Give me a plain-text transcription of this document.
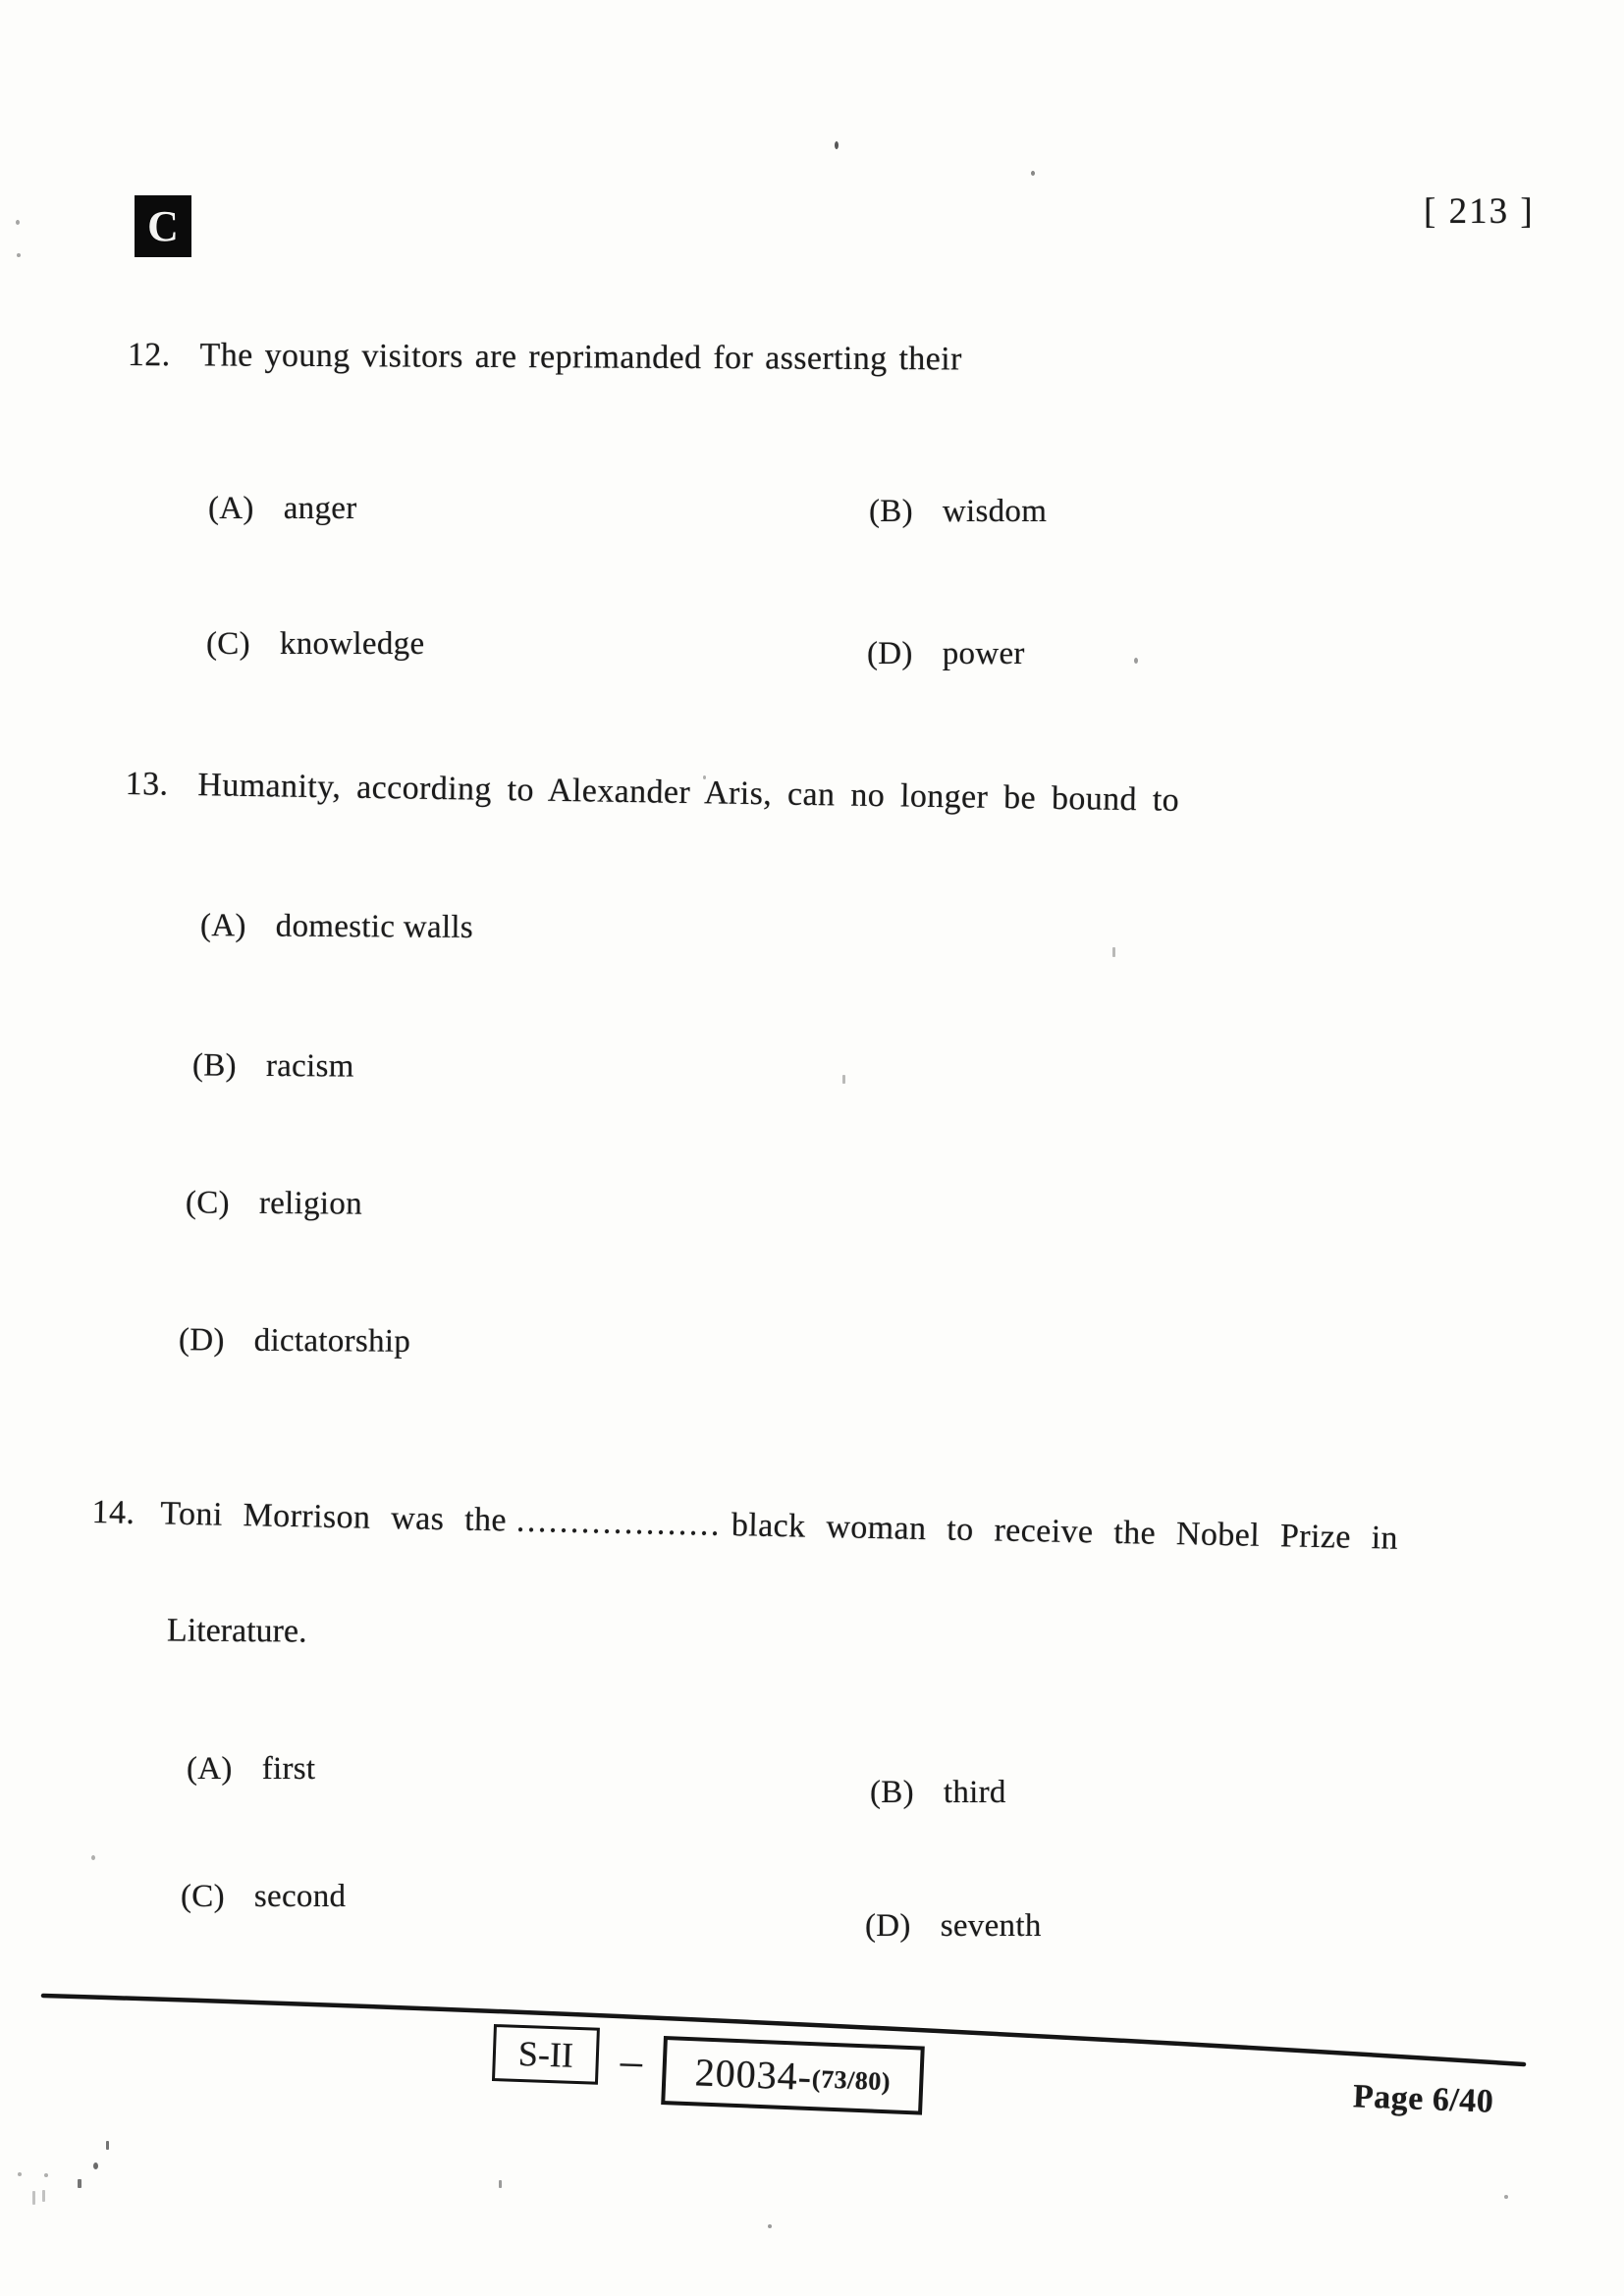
C	[ 213 ]
12. The young visitors are reprimanded for asserting their
(A) anger	(B) wisdom
(C) knowledge	(D) power
13. Humanity, according to Alexander Aris, can no longer be bound to
(A) domestic walls
(B) racism
(C) religion
(D) dictatorship
14. Toni Morrison was the ................... black woman to receive the Nobel Prize in
Literature.
(A) first
(B) third
(C) second
(D) seventh
S-II – 20034-
(73/80)	Page 6/40
